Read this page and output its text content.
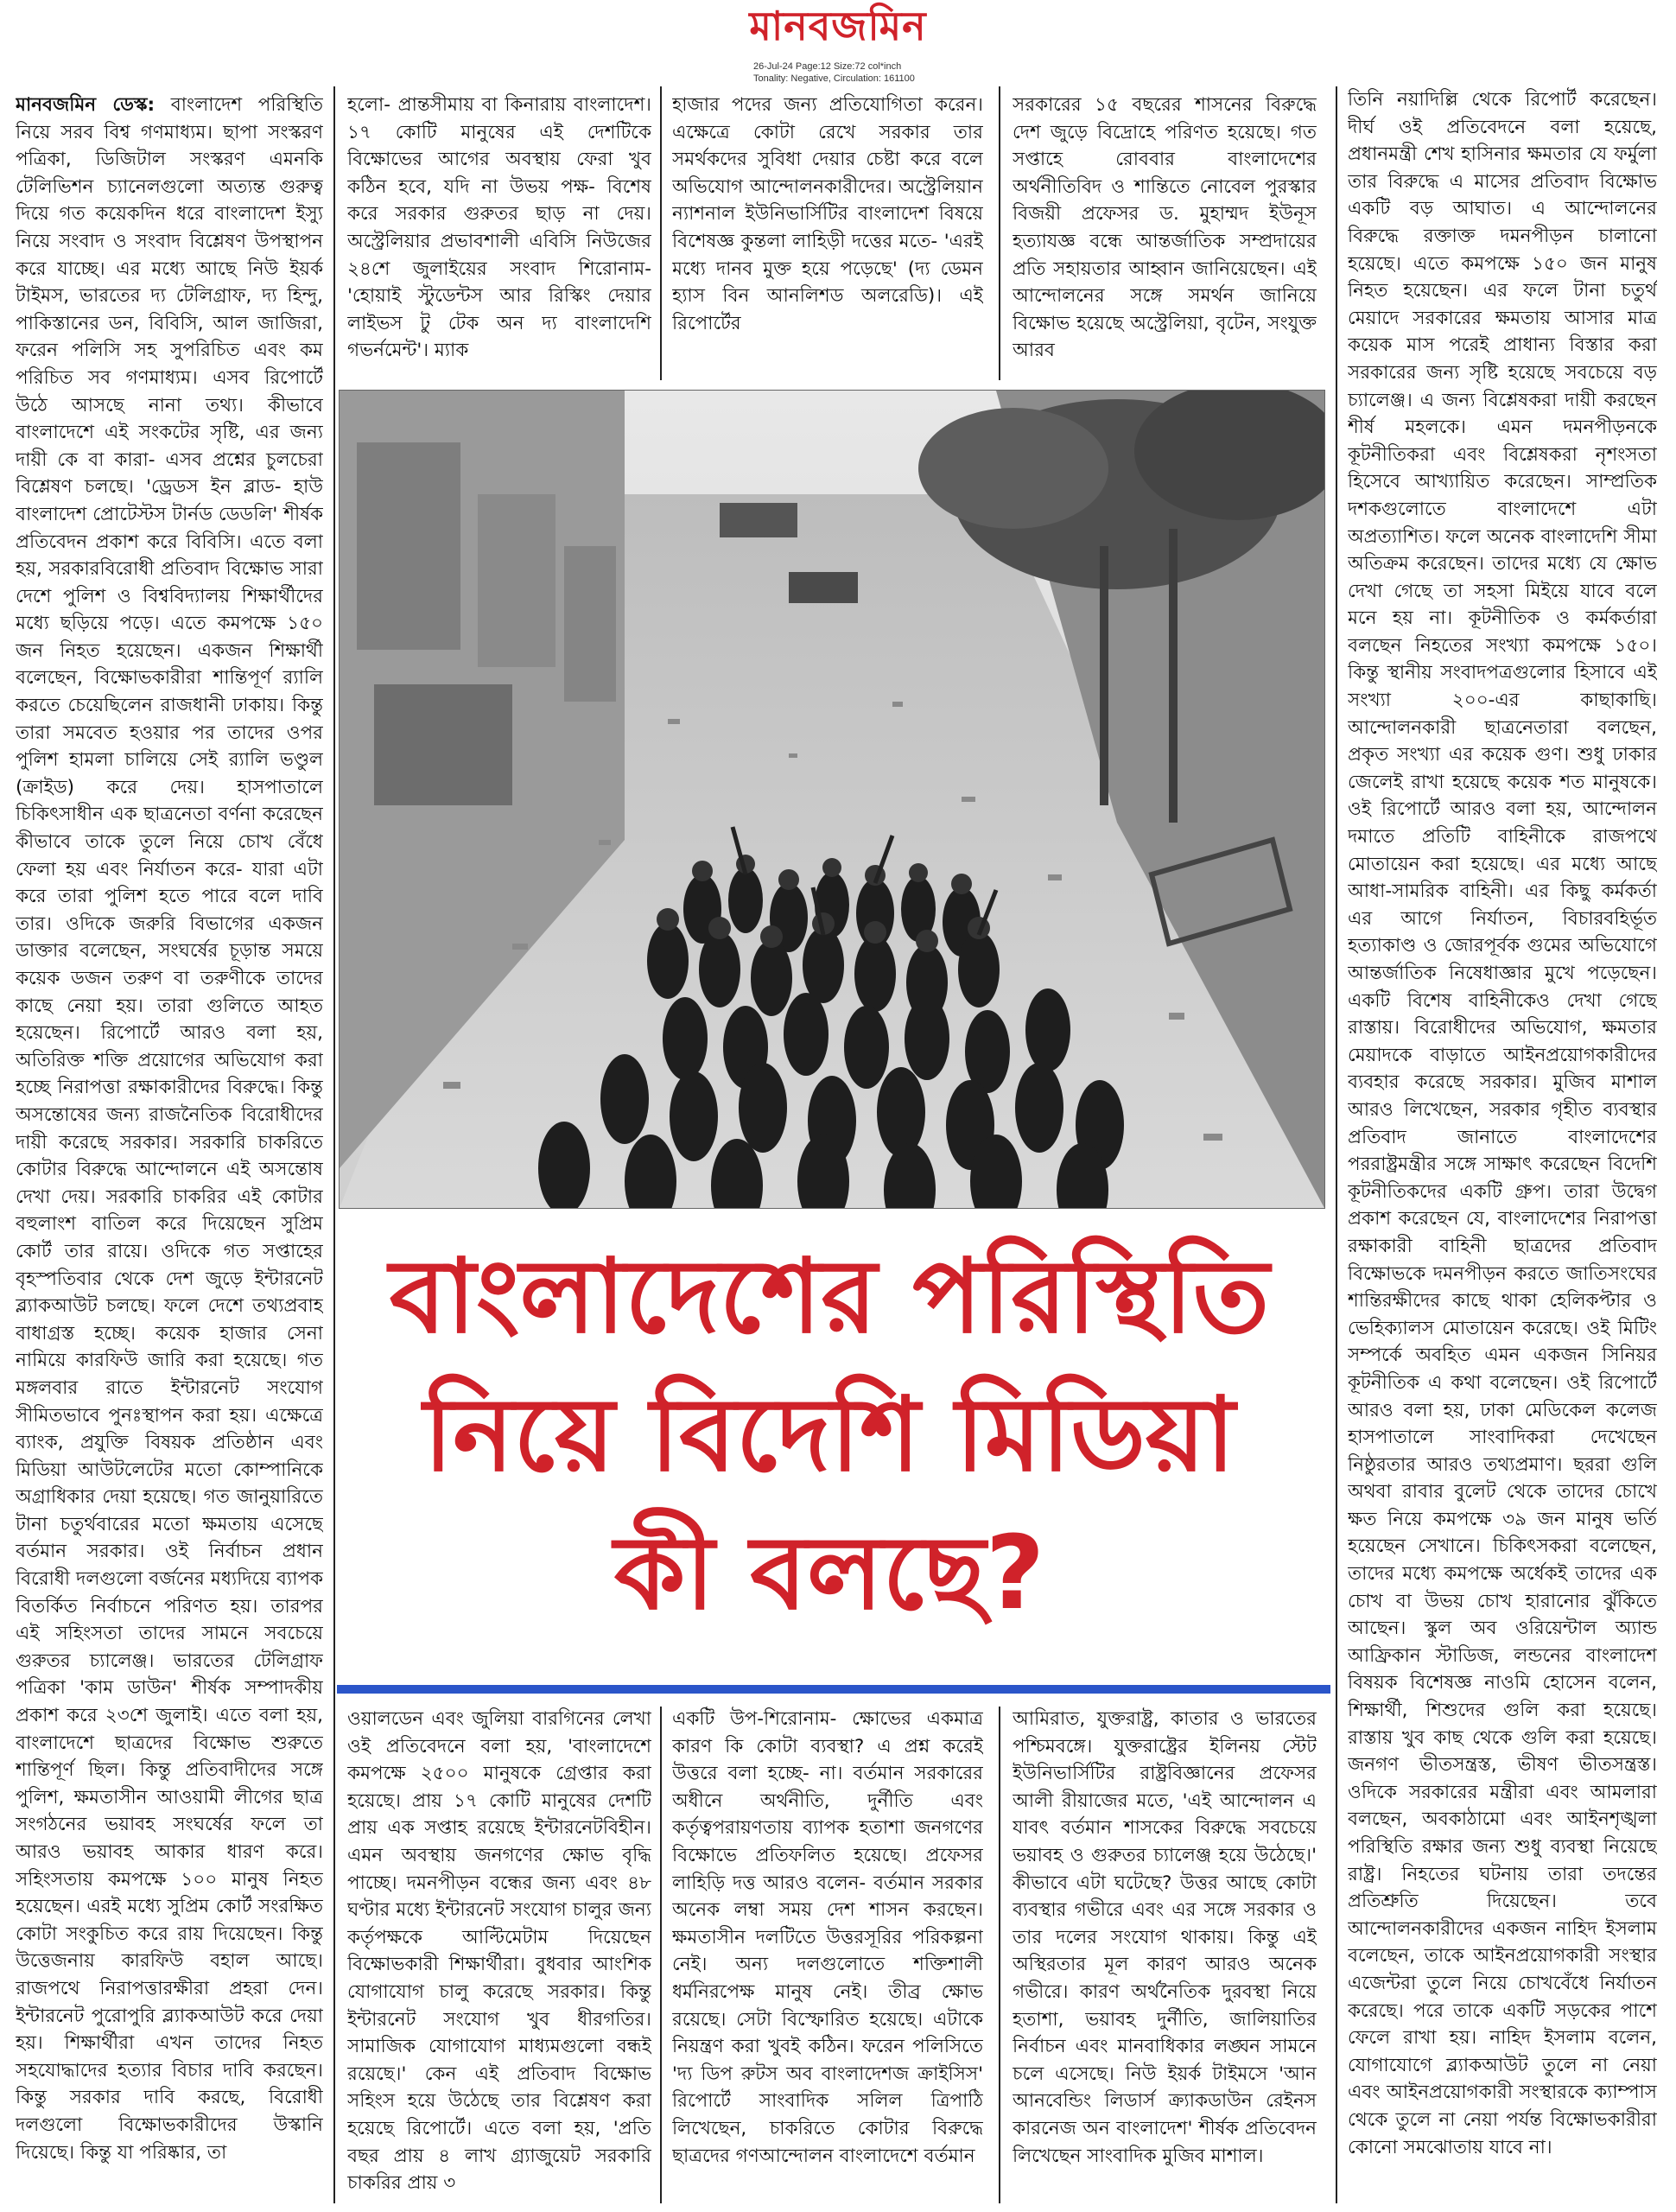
মানবজমিন
26-Jul-24 Page:12 Size:72 col*inch
Tonality: Negative, Circulation: 161100
মানবজমিন ডেস্ক: বাংলাদেশ পরিস্থিতি নিয়ে সরব বিশ্ব গণমাধ্যম। ছাপা সংস্করণ পত্রিকা, ডিজিটাল সংস্করণ এমনকি টেলিভিশন চ্যানেলগুলো অত্যন্ত গুরুত্ব দিয়ে গত কয়েকদিন ধরে বাংলাদেশ ইস্যু নিয়ে সংবাদ ও সংবাদ বিশ্লেষণ উপস্থাপন করে যাচ্ছে। এর মধ্যে আছে নিউ ইয়র্ক টাইমস, ভারতের দ্য টেলিগ্রাফ, দ্য হিন্দু, পাকিস্তানের ডন, বিবিসি, আল জাজিরা, ফরেন পলিসি সহ সুপরিচিত এবং কম পরিচিত সব গণমাধ্যম। এসব রিপোর্টে উঠে আসছে নানা তথ্য। কীভাবে বাংলাদেশে এই সংকটের সৃষ্টি, এর জন্য দায়ী কে বা কারা- এসব প্রশ্নের চুলচেরা বিশ্লেষণ চলছে। 'ড্রেডস ইন ব্লাড- হাউ বাংলাদেশ প্রোটেস্টস টার্নড ডেডলি' শীর্ষক প্রতিবেদন প্রকাশ করে বিবিসি। এতে বলা হয়, সরকারবিরোধী প্রতিবাদ বিক্ষোভ সারা দেশে পুলিশ ও বিশ্ববিদ্যালয় শিক্ষার্থীদের মধ্যে ছড়িয়ে পড়ে। এতে কমপক্ষে ১৫০ জন নিহত হয়েছেন। একজন শিক্ষার্থী বলেছেন, বিক্ষোভকারীরা শান্তিপূর্ণ র‌্যালি করতে চেয়েছিলেন রাজধানী ঢাকায়। কিন্তু তারা সমবেত হওয়ার পর তাদের ওপর পুলিশ হামলা চালিয়ে সেই র‌্যালি ভণ্ডুল (ক্রাইড) করে দেয়। হাসপাতালে চিকিৎসাধীন এক ছাত্রনেতা বর্ণনা করেছেন কীভাবে তাকে তুলে নিয়ে চোখ বেঁধে ফেলা হয় এবং নির্যাতন করে- যারা এটা করে তারা পুলিশ হতে পারে বলে দাবি তার। ওদিকে জরুরি বিভাগের একজন ডাক্তার বলেছেন, সংঘর্ষের চূড়ান্ত সময়ে কয়েক ডজন তরুণ বা তরুণীকে তাদের কাছে নেয়া হয়। তারা গুলিতে আহত হয়েছেন। রিপোর্টে আরও বলা হয়, অতিরিক্ত শক্তি প্রয়োগের অভিযোগ করা হচ্ছে নিরাপত্তা রক্ষাকারীদের বিরুদ্ধে। কিন্তু অসন্তোষের জন্য রাজনৈতিক বিরোধীদের দায়ী করেছে সরকার। সরকারি চাকরিতে কোটার বিরুদ্ধে আন্দোলনে এই অসন্তোষ দেখা দেয়। সরকারি চাকরির এই কোটার বহুলাংশ বাতিল করে দিয়েছেন সুপ্রিম কোর্ট তার রায়ে। ওদিকে গত সপ্তাহের বৃহস্পতিবার থেকে দেশ জুড়ে ইন্টারনেট ব্ল্যাকআউট চলছে। ফলে দেশে তথ্যপ্রবাহ বাধাগ্রস্ত হচ্ছে। কয়েক হাজার সেনা নামিয়ে কারফিউ জারি করা হয়েছে। গত মঙ্গলবার রাতে ইন্টারনেট সংযোগ সীমিতভাবে পুনঃস্থাপন করা হয়। এক্ষেত্রে ব্যাংক, প্রযুক্তি বিষয়ক প্রতিষ্ঠান এবং মিডিয়া আউটলেটের মতো কোম্পানিকে অগ্রাধিকার দেয়া হয়েছে। গত জানুয়ারিতে টানা চতুর্থবারের মতো ক্ষমতায় এসেছে বর্তমান সরকার। ওই নির্বাচন প্রধান বিরোধী দলগুলো বর্জনের মধ্যদিয়ে ব্যাপক বিতর্কিত নির্বাচনে পরিণত হয়। তারপর এই সহিংসতা তাদের সামনে সবচেয়ে গুরুতর চ্যালেঞ্জ। ভারতের টেলিগ্রাফ পত্রিকা 'কাম ডাউন' শীর্ষক সম্পাদকীয় প্রকাশ করে ২৩শে জুলাই। এতে বলা হয়, বাংলাদেশে ছাত্রদের বিক্ষোভ শুরুতে শান্তিপূর্ণ ছিল। কিন্তু প্রতিবাদীদের সঙ্গে পুলিশ, ক্ষমতাসীন আওয়ামী লীগের ছাত্র সংগঠনের ভয়াবহ সংঘর্ষের ফলে তা আরও ভয়াবহ আকার ধারণ করে। সহিংসতায় কমপক্ষে ১০০ মানুষ নিহত হয়েছেন। এরই মধ্যে সুপ্রিম কোর্ট সংরক্ষিত কোটা সংকুচিত করে রায় দিয়েছেন। কিন্তু উত্তেজনায় কারফিউ বহাল আছে। রাজপথে নিরাপত্তারক্ষীরা প্রহরা দেন। ইন্টারনেট পুরোপুরি ব্ল্যাকআউট করে দেয়া হয়। শিক্ষার্থীরা এখন তাদের নিহত সহযোদ্ধাদের হত্যার বিচার দাবি করছেন। কিন্তু সরকার দাবি করছে, বিরোধী দলগুলো বিক্ষোভকারীদের উস্কানি দিয়েছে। কিন্তু যা পরিষ্কার, তা
হলো- প্রান্তসীমায় বা কিনারায় বাংলাদেশ। ১৭ কোটি মানুষের এই দেশটিকে বিক্ষোভের আগের অবস্থায় ফেরা খুব কঠিন হবে, যদি না উভয় পক্ষ- বিশেষ করে সরকার গুরুতর ছাড় না দেয়। অস্ট্রেলিয়ার প্রভাবশালী এবিসি নিউজের ২৪শে জুলাইয়ের সংবাদ শিরোনাম- 'হোয়াই স্টুডেন্টস আর রিস্কিং দেয়ার লাইভস টু টেক অন দ্য বাংলাদেশি গভর্নমেন্ট'। ম্যাক
হাজার পদের জন্য প্রতিযোগিতা করেন। এক্ষেত্রে কোটা রেখে সরকার তার সমর্থকদের সুবিধা দেয়ার চেষ্টা করে বলে অভিযোগ আন্দোলনকারীদের। অস্ট্রেলিয়ান ন্যাশনাল ইউনিভার্সিটির বাংলাদেশ বিষয়ে বিশেষজ্ঞ কুন্তলা লাহিড়ী দত্তের মতে- 'এরই মধ্যে দানব মুক্ত হয়ে পড়েছে' (দ্য ডেমন হ্যাস বিন আনলিশড অলরেডি)। এই রিপোর্টের
সরকারের ১৫ বছরের শাসনের বিরুদ্ধে দেশ জুড়ে বিদ্রোহে পরিণত হয়েছে। গত সপ্তাহে রোববার বাংলাদেশের অর্থনীতিবিদ ও শান্তিতে নোবেল পুরস্কার বিজয়ী প্রফেসর ড. মুহাম্মদ ইউনূস হত্যাযজ্ঞ বন্ধে আন্তর্জাতিক সম্প্রদায়ের প্রতি সহায়তার আহ্বান জানিয়েছেন। এই আন্দোলনের সঙ্গে সমর্থন জানিয়ে বিক্ষোভ হয়েছে অস্ট্রেলিয়া, বৃটেন, সংযুক্ত আরব
তিনি নয়াদিল্লি থেকে রিপোর্ট করেছেন। দীর্ঘ ওই প্রতিবেদনে বলা হয়েছে, প্রধানমন্ত্রী শেখ হাসিনার ক্ষমতার যে ফর্মুলা তার বিরুদ্ধে এ মাসের প্রতিবাদ বিক্ষোভ একটি বড় আঘাত। এ আন্দোলনের বিরুদ্ধে রক্তাক্ত দমনপীড়ন চালানো হয়েছে। এতে কমপক্ষে ১৫০ জন মানুষ নিহত হয়েছেন। এর ফলে টানা চতুর্থ মেয়াদে সরকারের ক্ষমতায় আসার মাত্র কয়েক মাস পরেই প্রাধান্য বিস্তার করা সরকারের জন্য সৃষ্টি হয়েছে সবচেয়ে বড় চ্যালেঞ্জ। এ জন্য বিশ্লেষকরা দায়ী করছেন শীর্ষ মহলকে। এমন দমনপীড়নকে কূটনীতিকরা এবং বিশ্লেষকরা নৃশংসতা হিসেবে আখ্যায়িত করেছেন। সাম্প্রতিক দশকগুলোতে বাংলাদেশে এটা অপ্রত্যাশিত। ফলে অনেক বাংলাদেশি সীমা অতিক্রম করেছেন। তাদের মধ্যে যে ক্ষোভ দেখা গেছে তা সহসা মিইয়ে যাবে বলে মনে হয় না। কূটনীতিক ও কর্মকর্তারা বলছেন নিহতের সংখ্যা কমপক্ষে ১৫০। কিন্তু স্থানীয় সংবাদপত্রগুলোর হিসাবে এই সংখ্যা ২০০-এর কাছাকাছি। আন্দোলনকারী ছাত্রনেতারা বলছেন, প্রকৃত সংখ্যা এর কয়েক গুণ। শুধু ঢাকার জেলেই রাখা হয়েছে কয়েক শত মানুষকে। ওই রিপোর্টে আরও বলা হয়, আন্দোলন দমাতে প্রতিটি বাহিনীকে রাজপথে মোতায়েন করা হয়েছে। এর মধ্যে আছে আধা-সামরিক বাহিনী। এর কিছু কর্মকর্তা এর আগে নির্যাতন, বিচারবহির্ভূত হত্যাকাণ্ড ও জোরপূর্বক গুমের অভিযোগে আন্তর্জাতিক নিষেধাজ্ঞার মুখে পড়েছেন। একটি বিশেষ বাহিনীকেও দেখা গেছে রাস্তায়। বিরোধীদের অভিযোগ, ক্ষমতার মেয়াদকে বাড়াতে আইনপ্রয়োগকারীদের ব্যবহার করেছে সরকার। মুজিব মাশাল আরও লিখেছেন, সরকার গৃহীত ব্যবস্থার প্রতিবাদ জানাতে বাংলাদেশের পররাষ্ট্রমন্ত্রীর সঙ্গে সাক্ষাৎ করেছেন বিদেশি কূটনীতিকদের একটি গ্রুপ। তারা উদ্বেগ প্রকাশ করেছেন যে, বাংলাদেশের নিরাপত্তা রক্ষাকারী বাহিনী ছাত্রদের প্রতিবাদ বিক্ষোভকে দমনপীড়ন করতে জাতিসংঘের শান্তিরক্ষীদের কাছে থাকা হেলিকপ্টার ও ভেহিক্যালস মোতায়েন করেছে। ওই মিটিং সম্পর্কে অবহিত এমন একজন সিনিয়র কূটনীতিক এ কথা বলেছেন। ওই রিপোর্টে আরও বলা হয়, ঢাকা মেডিকেল কলেজ হাসপাতালে সাংবাদিকরা দেখেছেন নিষ্ঠুরতার আরও তথ্যপ্রমাণ। ছররা গুলি অথবা রাবার বুলেট থেকে তাদের চোখে ক্ষত নিয়ে কমপক্ষে ৩৯ জন মানুষ ভর্তি হয়েছেন সেখানে। চিকিৎসকরা বলেছেন, তাদের মধ্যে কমপক্ষে অর্ধেকই তাদের এক চোখ বা উভয় চোখ হারানোর ঝুঁকিতে আছেন। স্কুল অব ওরিয়েন্টাল অ্যান্ড আফ্রিকান স্টাডিজ, লন্ডনের বাংলাদেশ বিষয়ক বিশেষজ্ঞ নাওমি হোসেন বলেন, শিক্ষার্থী, শিশুদের গুলি করা হয়েছে। রাস্তায় খুব কাছ থেকে গুলি করা হয়েছে। জনগণ ভীতসন্ত্রস্ত, ভীষণ ভীতসন্ত্রস্ত। ওদিকে সরকারের মন্ত্রীরা এবং আমলারা বলছেন, অবকাঠামো এবং আইনশৃঙ্খলা পরিস্থিতি রক্ষার জন্য শুধু ব্যবস্থা নিয়েছে রাষ্ট্র। নিহতের ঘটনায় তারা তদন্তের প্রতিশ্রুতি দিয়েছেন। তবে আন্দোলনকারীদের একজন নাহিদ ইসলাম বলেছেন, তাকে আইনপ্রয়োগকারী সংস্থার এজেন্টরা তুলে নিয়ে চোখবেঁধে নির্যাতন করেছে। পরে তাকে একটি সড়কের পাশে ফেলে রাখা হয়। নাহিদ ইসলাম বলেন, যোগাযোগে ব্ল্যাকআউট তুলে না নেয়া এবং আইনপ্রয়োগকারী সংস্থারকে ক্যাম্পাস থেকে তুলে না নেয়া পর্যন্ত বিক্ষোভকারীরা কোনো সমঝোতায় যাবে না।
বাংলাদেশের পরিস্থিতি
নিয়ে বিদেশি মিডিয়া
কী বলছে?
ওয়ালডেন এবং জুলিয়া বারগিনের লেখা ওই প্রতিবেদনে বলা হয়, 'বাংলাদেশে কমপক্ষে ২৫০০ মানুষকে গ্রেপ্তার করা হয়েছে। প্রায় ১৭ কোটি মানুষের দেশটি প্রায় এক সপ্তাহ রয়েছে ইন্টারনেটবিহীন। এমন অবস্থায় জনগণের ক্ষোভ বৃদ্ধি পাচ্ছে। দমনপীড়ন বন্ধের জন্য এবং ৪৮ ঘণ্টার মধ্যে ইন্টারনেট সংযোগ চালুর জন্য কর্তৃপক্ষকে আল্টিমেটাম দিয়েছেন বিক্ষোভকারী শিক্ষার্থীরা। বুধবার আংশিক যোগাযোগ চালু করেছে সরকার। কিন্তু ইন্টারনেট সংযোগ খুব ধীরগতির। সামাজিক যোগাযোগ মাধ্যমগুলো বন্ধই রয়েছে।' কেন এই প্রতিবাদ বিক্ষোভ সহিংস হয়ে উঠেছে তার বিশ্লেষণ করা হয়েছে রিপোর্টে। এতে বলা হয়, 'প্রতি বছর প্রায় ৪ লাখ গ্র্যাজুয়েট সরকারি চাকরির প্রায় ৩
একটি উপ-শিরোনাম- ক্ষোভের একমাত্র কারণ কি কোটা ব্যবস্থা? এ প্রশ্ন করেই উত্তরে বলা হচ্ছে- না। বর্তমান সরকারের অধীনে অর্থনীতি, দুর্নীতি এবং কর্তৃত্বপরায়ণতায় ব্যাপক হতাশা জনগণের বিক্ষোভে প্রতিফলিত হয়েছে। প্রফেসর লাহিড়ি দত্ত আরও বলেন- বর্তমান সরকার অনেক লম্বা সময় দেশ শাসন করছেন। ক্ষমতাসীন দলটিতে উত্তরসূরির পরিকল্পনা নেই। অন্য দলগুলোতে শক্তিশালী ধর্মনিরপেক্ষ মানুষ নেই। তীব্র ক্ষোভ রয়েছে। সেটা বিস্ফোরিত হয়েছে। এটাকে নিয়ন্ত্রণ করা খুবই কঠিন। ফরেন পলিসিতে 'দ্য ডিপ রুটস অব বাংলাদেশজ ক্রাইসিস' রিপোর্টে সাংবাদিক সলিল ত্রিপাঠি লিখেছেন, চাকরিতে কোটার বিরুদ্ধে ছাত্রদের গণআন্দোলন বাংলাদেশে বর্তমান
আমিরাত, যুক্তরাষ্ট্র, কাতার ও ভারতের পশ্চিমবঙ্গে। যুক্তরাষ্ট্রের ইলিনয় স্টেট ইউনিভার্সিটির রাষ্ট্রবিজ্ঞানের প্রফেসর আলী রীয়াজের মতে, 'এই আন্দোলন এ যাবৎ বর্তমান শাসকের বিরুদ্ধে সবচেয়ে ভয়াবহ ও গুরুতর চ্যালেঞ্জ হয়ে উঠেছে।' কীভাবে এটা ঘটেছে? উত্তর আছে কোটা ব্যবস্থার গভীরে এবং এর সঙ্গে সরকার ও তার দলের সংযোগ থাকায়। কিন্তু এই অস্থিরতার মূল কারণ আরও অনেক গভীরে। কারণ অর্থনৈতিক দুরবস্থা নিয়ে হতাশা, ভয়াবহ দুর্নীতি, জালিয়াতির নির্বাচন এবং মানবাধিকার লঙ্ঘন সামনে চলে এসেছে। নিউ ইয়র্ক টাইমসে 'আন আনবেন্ডিং লিডার্স ক্র্যাকডাউন রেইনস কারনেজ অন বাংলাদেশ' শীর্ষক প্রতিবেদন লিখেছেন সাংবাদিক মুজিব মাশাল।
